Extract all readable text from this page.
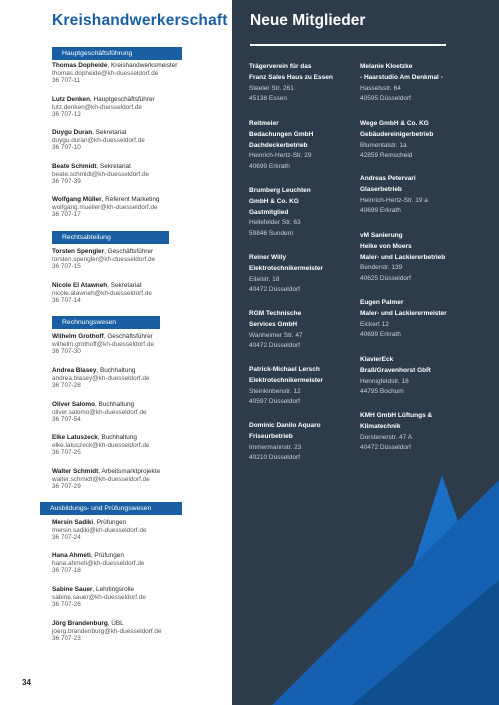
Kreishandwerkerschaft
Hauptgeschäftsführung
Thomas Dopheide, Kreishandwerksmeister
thomas.dopheide@kh-duesseldorf.de
36 707-11
Lutz Denken, Hauptgeschäftsführer
lutz.denken@kh-duesseldorf.de
36 707-12
Duygu Duran, Sekretariat
duygu.duran@kh-duesseldorf.de
36 707-10
Beate Schmidt, Sekretariat
beate.schmidt@kh-duesseldorf.de
36 707-39
Wolfgang Müller, Referent Marketing
wolfgang.mueller@kh-duesseldorf.de
36 707-17
Rechtsabteilung
Torsten Spengler, Geschäftsführer
torsten.spengler@kh-duesseldorf.de
36 707-15
Nicole El Atawneh, Sekretariat
nicole.atawneh@kh-duesseldorf.de
36 707-14
Rechnungswesen
Wilhelm Grothoff, Geschäftsführer
wilhelm.grothoff@kh-duesseldorf.de
36 707-30
Andrea Blasey, Buchhaltung
andrea.blasey@kh-duesseldorf.de
36 707-28
Oliver Salomo, Buchhaltung
oliver.salomo@kh-duesseldorf.de
36 707-54
Elke Latuszeck, Buchhaltung
elke.latuszeck@kh-duesseldorf.de
36 707-25
Walter Schmidt, Arbeitsmarktprojekte
walter.schmidt@kh-duesseldorf.de
36 707-29
Ausbildungs- und Prüfungswesen
Mersin Sadiki, Prüfungen
mersin.sadiki@kh-duesseldorf.de
36 707-24
Hana Ahmeti, Prüfungen
hana.ahmeti@kh-duesseldorf.de
36 707-18
Sabine Sauer, Lehrlingsrolle
sabine.sauer@kh-duesseldorf.de
36 707-26
Jörg Brandenburg, ÜBL
joerg.brandenburg@kh-duesseldorf.de
36 707-23
34
Neue Mitglieder
Trägerverein für das
Franz Sales Haus zu Essen
Steeler Str. 261
45138 Essen
Reitmeier
Bedachungen GmbH
Dachdeckerbetrieb
Heinrich-Hertz-Str. 29
40699 Erkrath
Brumberg Leuchten
GmbH & Co. KG
Gastmitglied
Hellefelder Str. 63
59846 Sundern
Reiner Willy
Elektrotechnikermeister
Eitelstr. 18
40472 Düsseldorf
RGM Technische
Services GmbH
Wanheimer Str. 47
40472 Düsseldorf
Patrick-Michael Lersch
Elektrotechnikermeister
Steinkinbenstr. 12
40597 Düsseldorf
Dominic Danilo Aquaro
Friseurbetrieb
Immermannstr. 23
40210 Düsseldorf
Melanie Kloetzke
- Haarstudio Am Denkmal -
Hasselsstr. 64
40595 Düsseldorf
Wege GmbH & Co. KG
Gebäudereinigerbetrieb
Blumentalstr. 1a
42859 Remscheid
Andreas Petervari
Glaserbetrieb
Heinrich-Hertz-Str. 19 a
40699 Erkrath
vM Sanierung
Heike von Moers
Maler- und Lackiererbetrieb
Benderstr. 139
40625 Düsseldorf
Eugen Palmer
Maler- und Lackierermeister
Eickert 12
40699 Erkrath
KlavierEck
Braß/Gravenhorst GbR
Hennigfeldstr. 18
44795 Bochum
KMH GmbH Lüftungs &
Klimatechnik
Dorstenerstr. 47 A
40472 Düsseldorf
